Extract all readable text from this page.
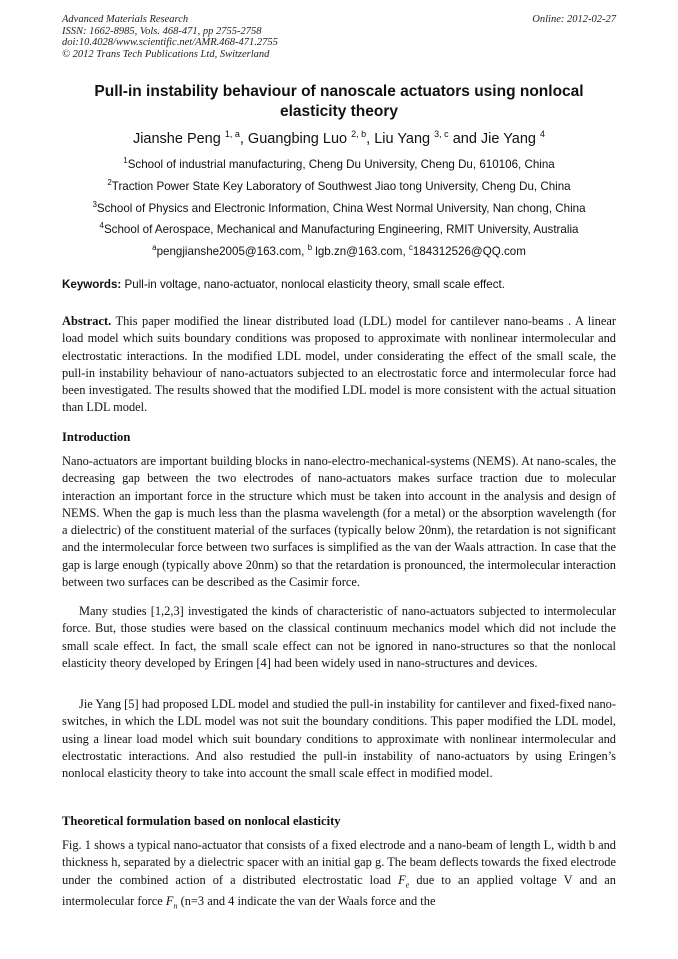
Advanced Materials Research
ISSN: 1662-8985, Vols. 468-471, pp 2755-2758
doi:10.4028/www.scientific.net/AMR.468-471.2755
© 2012 Trans Tech Publications Ltd, Switzerland
Online: 2012-02-27
Pull-in instability behaviour of nanoscale actuators using nonlocal elasticity theory
Jianshe Peng $^{1, a}$, Guangbing Luo $^{2, b}$, Liu Yang $^{3, c}$ and Jie Yang $^4$
$^1$School of industrial manufacturing, Cheng Du University, Cheng Du, 610106, China
$^2$Traction Power State Key Laboratory of Southwest Jiao tong University, Cheng Du, China
$^3$School of Physics and Electronic Information, China West Normal University, Nan chong, China
$^4$School of Aerospace, Mechanical and Manufacturing Engineering, RMIT University, Australia
$^a$pengjianshe2005@163.com, $^b$ lgb.zn@163.com, $^c$184312526@QQ.com
Keywords: Pull-in voltage, nano-actuator, nonlocal elasticity theory, small scale effect.
Abstract. This paper modified the linear distributed load (LDL) model for cantilever nano-beams . A linear load model which suits boundary conditions was proposed to approximate with nonlinear intermolecular and electrostatic interactions. In the modified LDL model, under considerating the effect of the small scale, the pull-in instability behaviour of nano-actuators subjected to an electrostatic force and intermolecular force had been investigated. The results showed that the modified LDL model is more consistent with the actual situation than LDL model.
Introduction
Nano-actuators are important building blocks in nano-electro-mechanical-systems (NEMS). At nano-scales, the decreasing gap between the two electrodes of nano-actuators makes surface traction due to molecular interaction an important force in the structure which must be taken into account in the analysis and design of NEMS. When the gap is much less than the plasma wavelength (for a metal) or the absorption wavelength (for a dielectric) of the constituent material of the surfaces (typically below 20nm), the retardation is not significant and the intermolecular force between two surfaces is simplified as the van der Waals attraction. In case that the gap is large enough (typically above 20nm) so that the retardation is pronounced, the intermolecular interaction between two surfaces can be described as the Casimir force.
Many studies [1,2,3] investigated the kinds of characteristic of nano-actuators subjected to intermolecular force. But, those studies were based on the classical continuum mechanics model which did not include the small scale effect. In fact, the small scale effect can not be ignored in nano-structures so that the nonlocal elasticity theory developed by Eringen [4] had been widely used in nano-structures and devices.
Jie Yang [5] had proposed LDL model and studied the pull-in instability for cantilever and fixed-fixed nano-switches, in which the LDL model was not suit the boundary conditions. This paper modified the LDL model, using a linear load model which suit boundary conditions to approximate with nonlinear intermolecular and electrostatic interactions. And also restudied the pull-in instability of nano-actuators by using Eringen’s nonlocal elasticity theory to take into account the small scale effect in modified model.
Theoretical formulation based on nonlocal elasticity
Fig. 1 shows a typical nano-actuator that consists of a fixed electrode and a nano-beam of length L, width b and thickness h, separated by a dielectric spacer with an initial gap g. The beam deflects towards the fixed electrode under the combined action of a distributed electrostatic load $F_e$ due to an applied voltage V and an intermolecular force $F_n$ (n=3 and 4 indicate the van der Waals force and the
